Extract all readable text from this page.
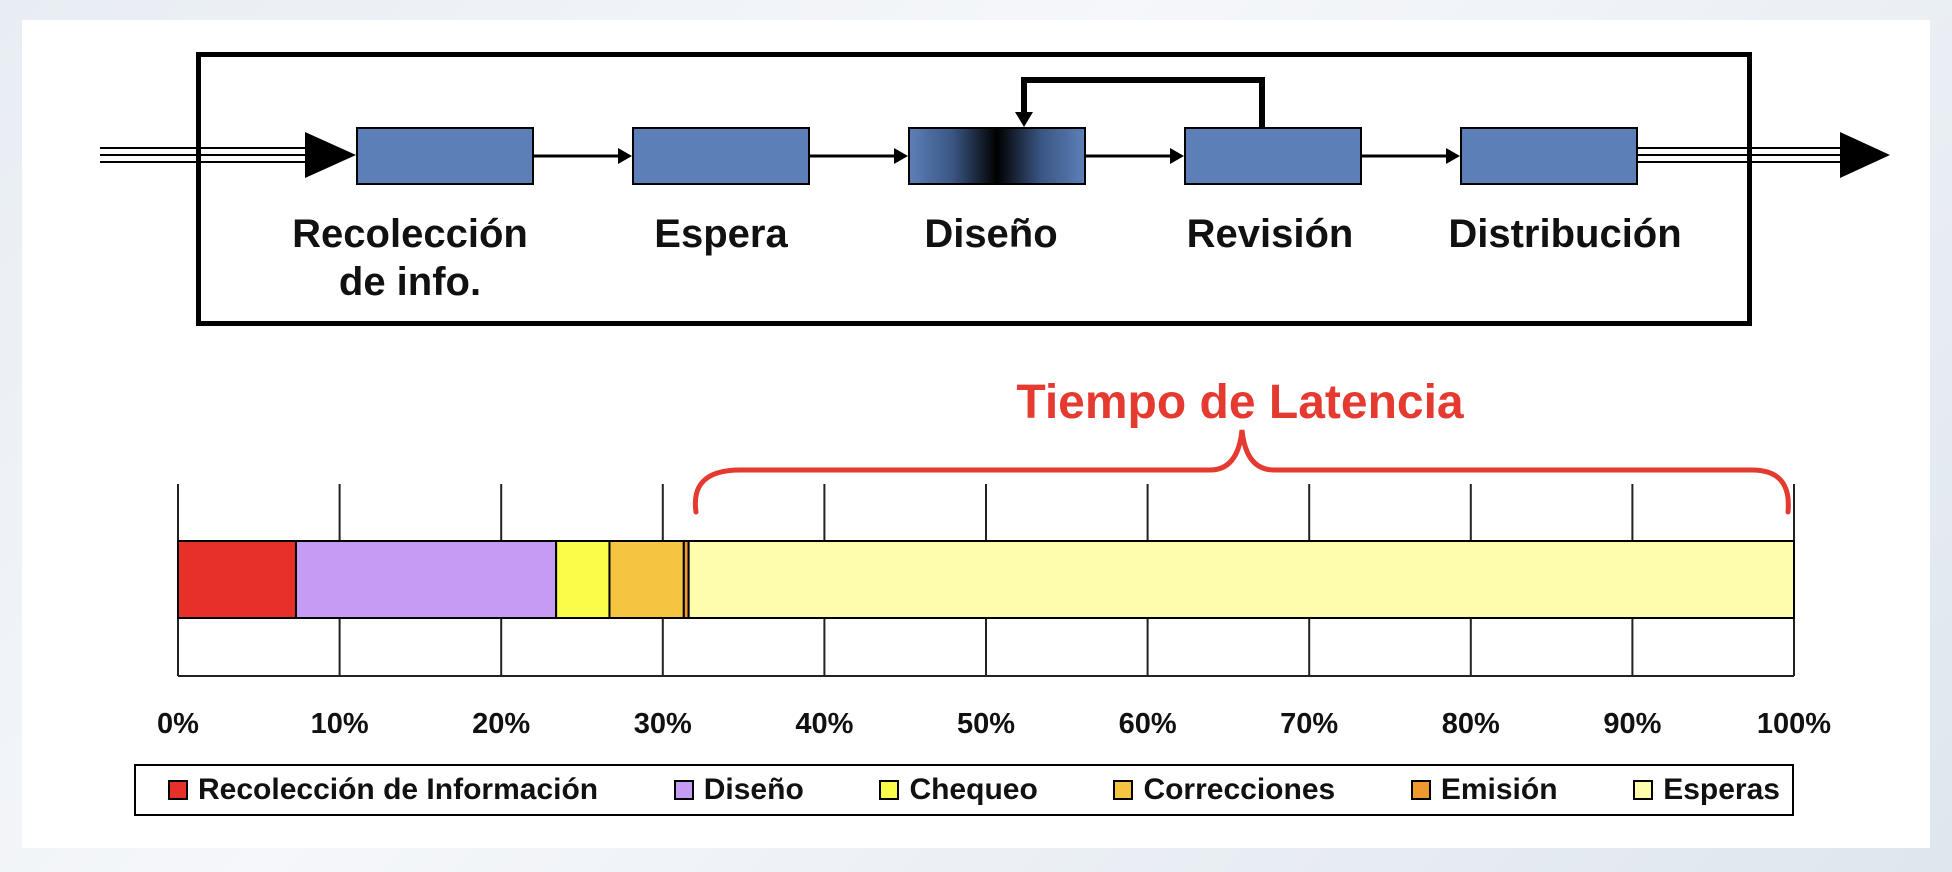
Recolección
de info.
Espera	Diseño	Revisión	Distribución
Tiempo de Latencia
0%	10%	20%	30%	40%	50%	60%	70%	80%	90%	100%
Recolección de Información	Diseño	Chequeo	Correcciones	Emisión	Esperas
